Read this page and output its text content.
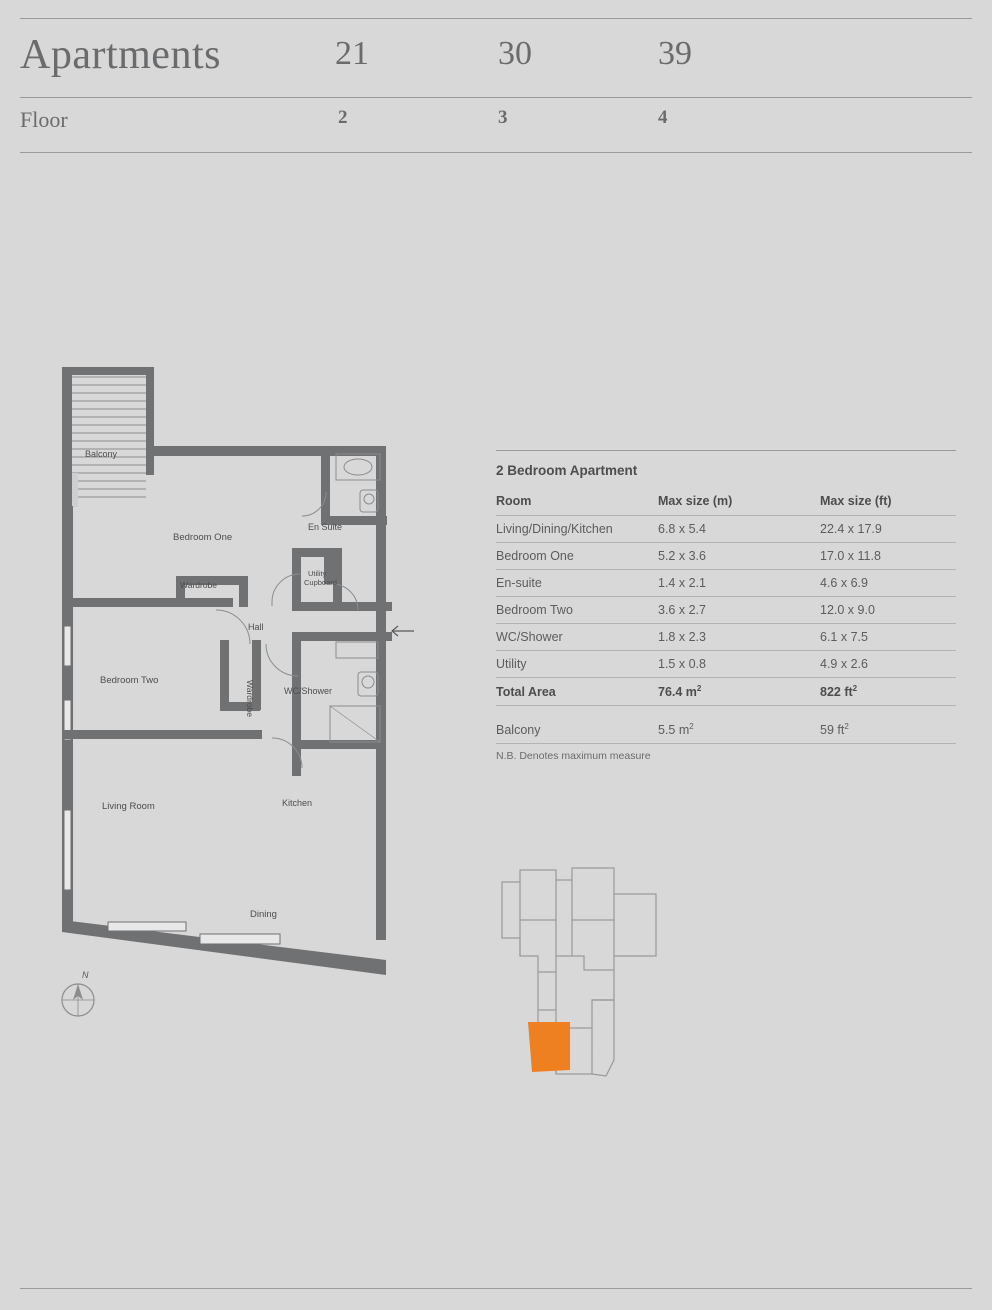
Apartments	21	30	39
Floor	2	3	4
Balcony
Bedroom One
En Suite
Utility
Cupboard
Wardrobe
Wardrobe
Hall
Bedroom Two
WC/Shower
Kitchen
Living Room
Dining
N
2 Bedroom Apartment
Room	Max size (m)	Max size (ft)
Living/Dining/Kitchen	6.8 x 5.4	22.4 x 17.9
Bedroom One	5.2 x 3.6	17.0 x 11.8
En-suite	1.4 x 2.1	4.6 x 6.9
Bedroom Two	3.6 x 2.7	12.0 x 9.0
WC/Shower	1.8 x 2.3	6.1 x 7.5
Utility	1.5 x 0.8	4.9 x 2.6
Total Area	76.4 $m^2$	822 $ft^2$

Balcony	5.5 $m^2$	59 $ft^2$
N.B. Denotes maximum measure
